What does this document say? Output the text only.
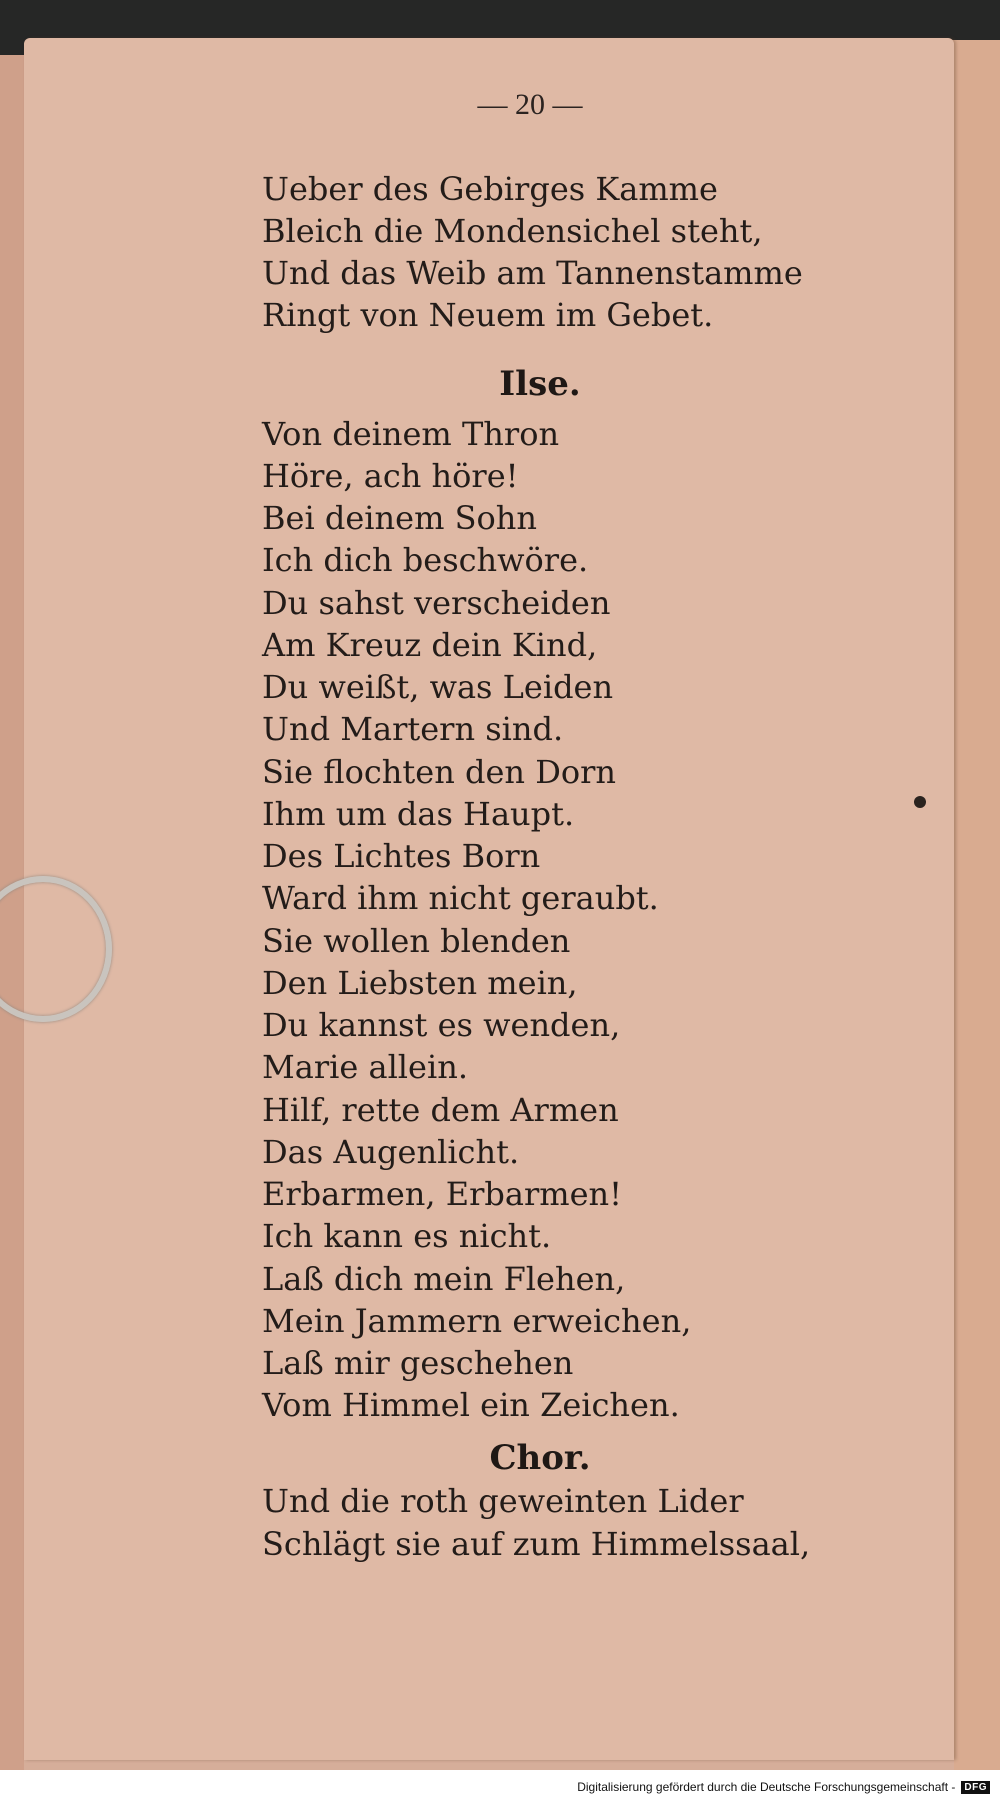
— 20 —
Ueber des Gebirges Kamme
Bleich die Mondensichel steht,
Und das Weib am Tannenstamme
Ringt von Neuem im Gebet.
Ilse.
Von deinem Thron
Höre, ach höre!
Bei deinem Sohn
Ich dich beschwöre.
Du sahst verscheiden
Am Kreuz dein Kind,
Du weißt, was Leiden
Und Martern sind.
Sie flochten den Dorn
Ihm um das Haupt.
Des Lichtes Born
Ward ihm nicht geraubt.
Sie wollen blenden
Den Liebsten mein,
Du kannst es wenden,
Marie allein.
Hilf, rette dem Armen
Das Augenlicht.
Erbarmen, Erbarmen!
Ich kann es nicht.
Laß dich mein Flehen,
Mein Jammern erweichen,
Laß mir geschehen
Vom Himmel ein Zeichen.
Chor.
Und die roth geweinten Lider
Schlägt sie auf zum Himmelssaal,
Digitalisierung gefördert durch die Deutsche Forschungsgemeinschaft - DFG
